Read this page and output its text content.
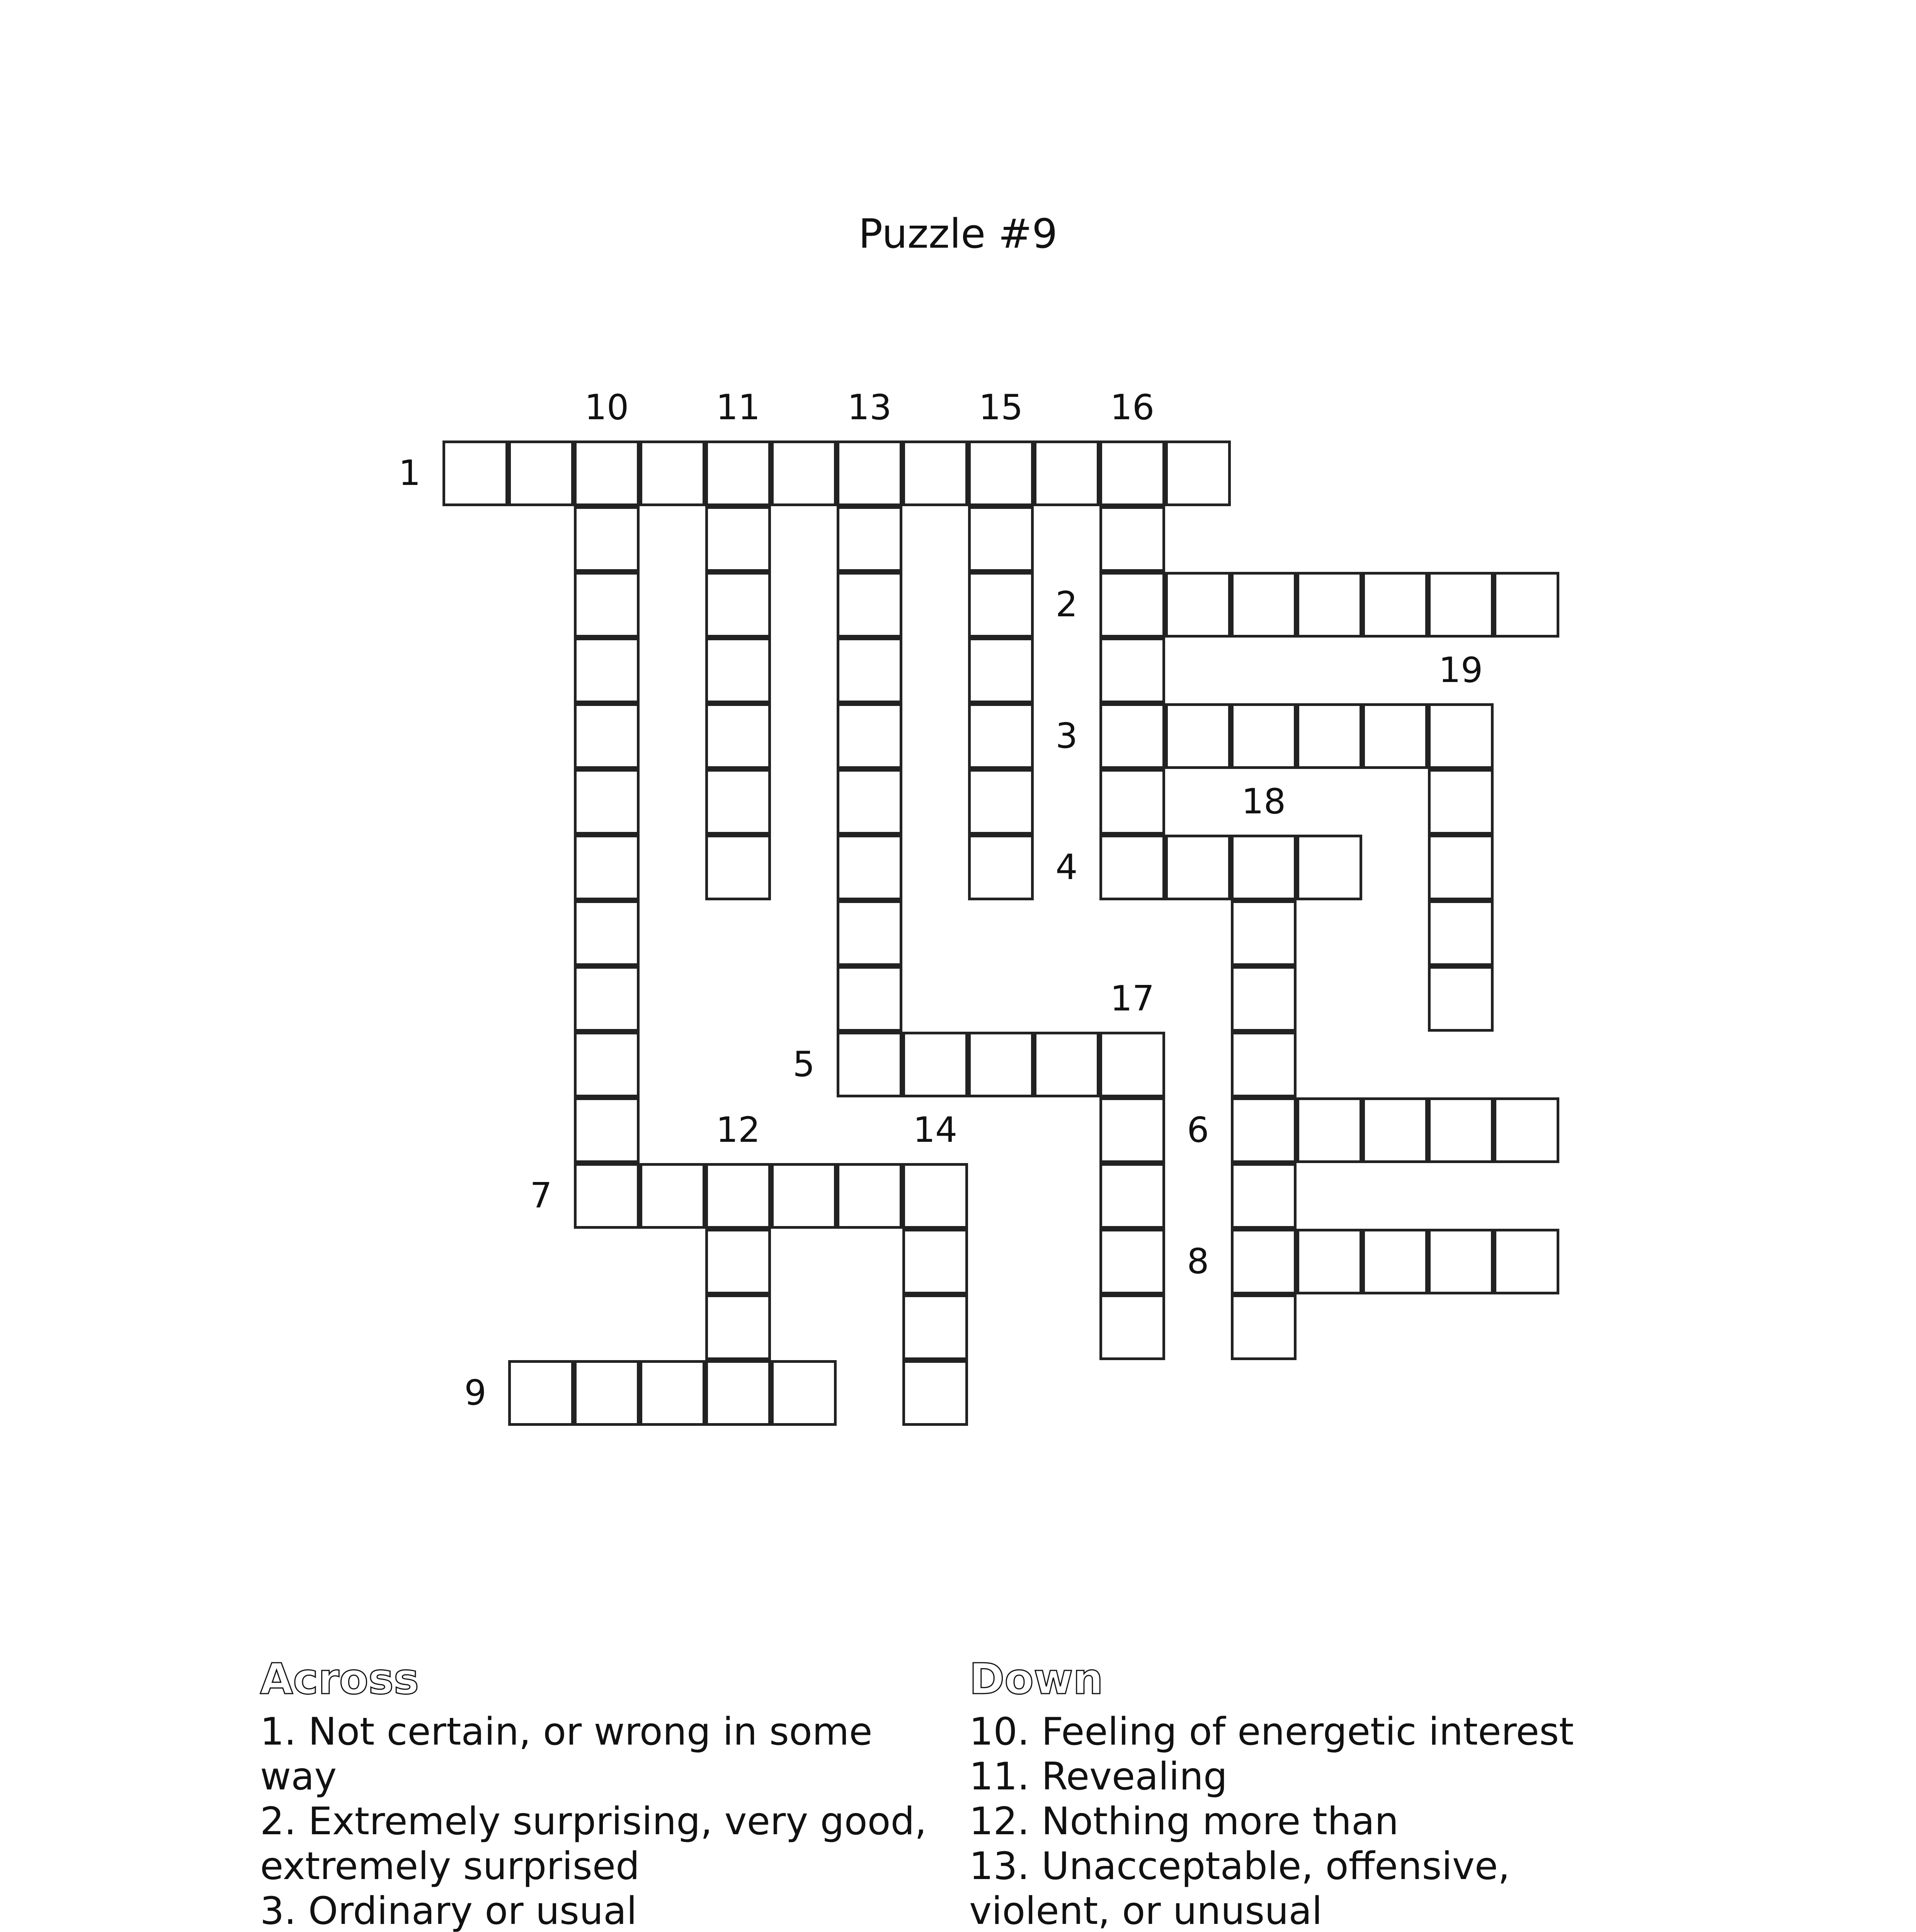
Puzzle #9
10	11	13	15	16
1
2
19
3
18
4
17
5
12	14	6
7
8
9
Across
1. Not certain, or wrong in some way
2. Extremely surprising, very good, extremely surprised
3. Ordinary or usual
Down
10. Feeling of energetic interest
11. Revealing
12. Nothing more than
13. Unacceptable, offensive, violent, or unusual
